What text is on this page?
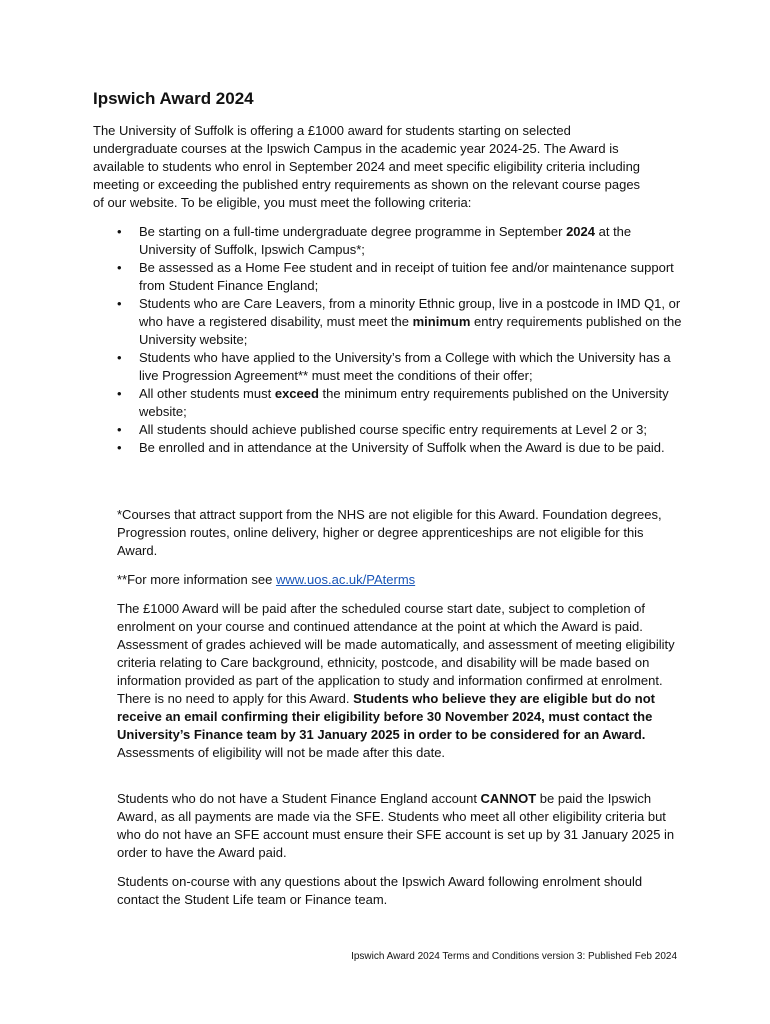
Ipswich Award 2024

The University of Suffolk is offering a £1000 award for students starting on selected undergraduate courses at the Ipswich Campus in the academic year 2024-25. The Award is available to students who enrol in September 2024 and meet specific eligibility criteria including meeting or exceeding the published entry requirements as shown on the relevant course pages of our website. To be eligible, you must meet the following criteria:

• Be starting on a full-time undergraduate degree programme in September 2024 at the University of Suffolk, Ipswich Campus*;
• Be assessed as a Home Fee student and in receipt of tuition fee and/or maintenance support from Student Finance England;
• Students who are Care Leavers, from a minority Ethnic group, live in a postcode in IMD Q1, or who have a registered disability, must meet the minimum entry requirements published on the University website;
• Students who have applied to the University’s from a College with which the University has a live Progression Agreement** must meet the conditions of their offer;
• All other students must exceed the minimum entry requirements published on the University website;
• All students should achieve published course specific entry requirements at Level 2 or 3;
• Be enrolled and in attendance at the University of Suffolk when the Award is due to be paid.

*Courses that attract support from the NHS are not eligible for this Award. Foundation degrees, Progression routes, online delivery, higher or degree apprenticeships are not eligible for this Award.

**For more information see www.uos.ac.uk/PAterms

The £1000 Award will be paid after the scheduled course start date, subject to completion of enrolment on your course and continued attendance at the point at which the Award is paid. Assessment of grades achieved will be made automatically, and assessment of meeting eligibility criteria relating to Care background, ethnicity, postcode, and disability will be made based on information provided as part of the application to study and information confirmed at enrolment. There is no need to apply for this Award. Students who believe they are eligible but do not receive an email confirming their eligibility before 30 November 2024, must contact the University’s Finance team by 31 January 2025 in order to be considered for an Award. Assessments of eligibility will not be made after this date.

Students who do not have a Student Finance England account CANNOT be paid the Ipswich Award, as all payments are made via the SFE. Students who meet all other eligibility criteria but who do not have an SFE account must ensure their SFE account is set up by 31 January 2025 in order to have the Award paid.

Students on-course with any questions about the Ipswich Award following enrolment should contact the Student Life team or Finance team.

Ipswich Award 2024 Terms and Conditions version 3: Published Feb 2024
